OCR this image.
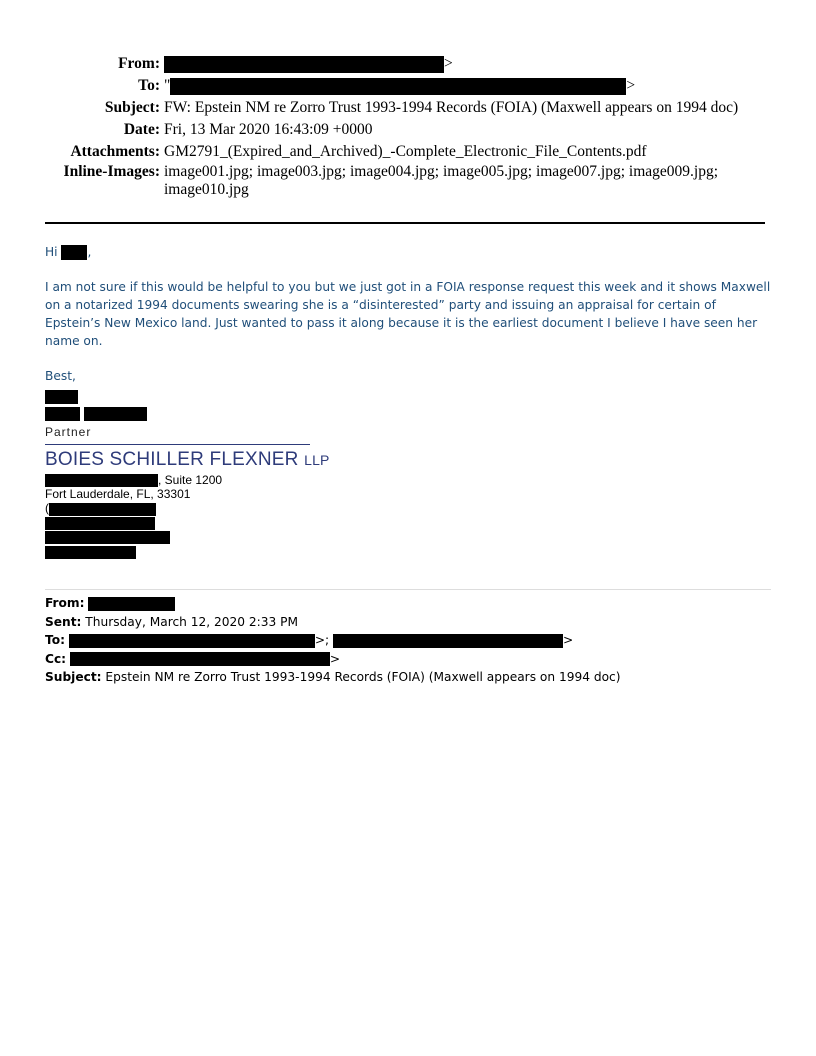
From:	>
To: "	>
Subject: FW: Epstein NM re Zorro Trust 1993-1994 Records (FOIA) (Maxwell appears on 1994 doc)
Date: Fri, 13 Mar 2020 16:43:09 +0000
Attachments: GM2791_(Expired_and_Archived)_-Complete_Electronic_File_Contents.pdf
Inline-Images: image001.jpg; image003.jpg; image004.jpg; image005.jpg; image007.jpg; image009.jpg;
image010.jpg

Hi ,

I am not sure if this would be helpful to you but we just got in a FOIA response request this week and it shows Maxwell on a notarized 1994 documents swearing she is a “disinterested” party and issuing an appraisal for certain of Epstein’s New Mexico land. Just wanted to pass it along because it is the earliest document I believe I have seen her name on.

Best,

Partner
BOIES SCHILLER FLEXNER LLP
, Suite 1200
Fort Lauderdale, FL, 33301
(
From:
Sent: Thursday, March 12, 2020 2:33 PM
To:	>;	>
Cc:	>
Subject: Epstein NM re Zorro Trust 1993-1994 Records (FOIA) (Maxwell appears on 1994 doc)
